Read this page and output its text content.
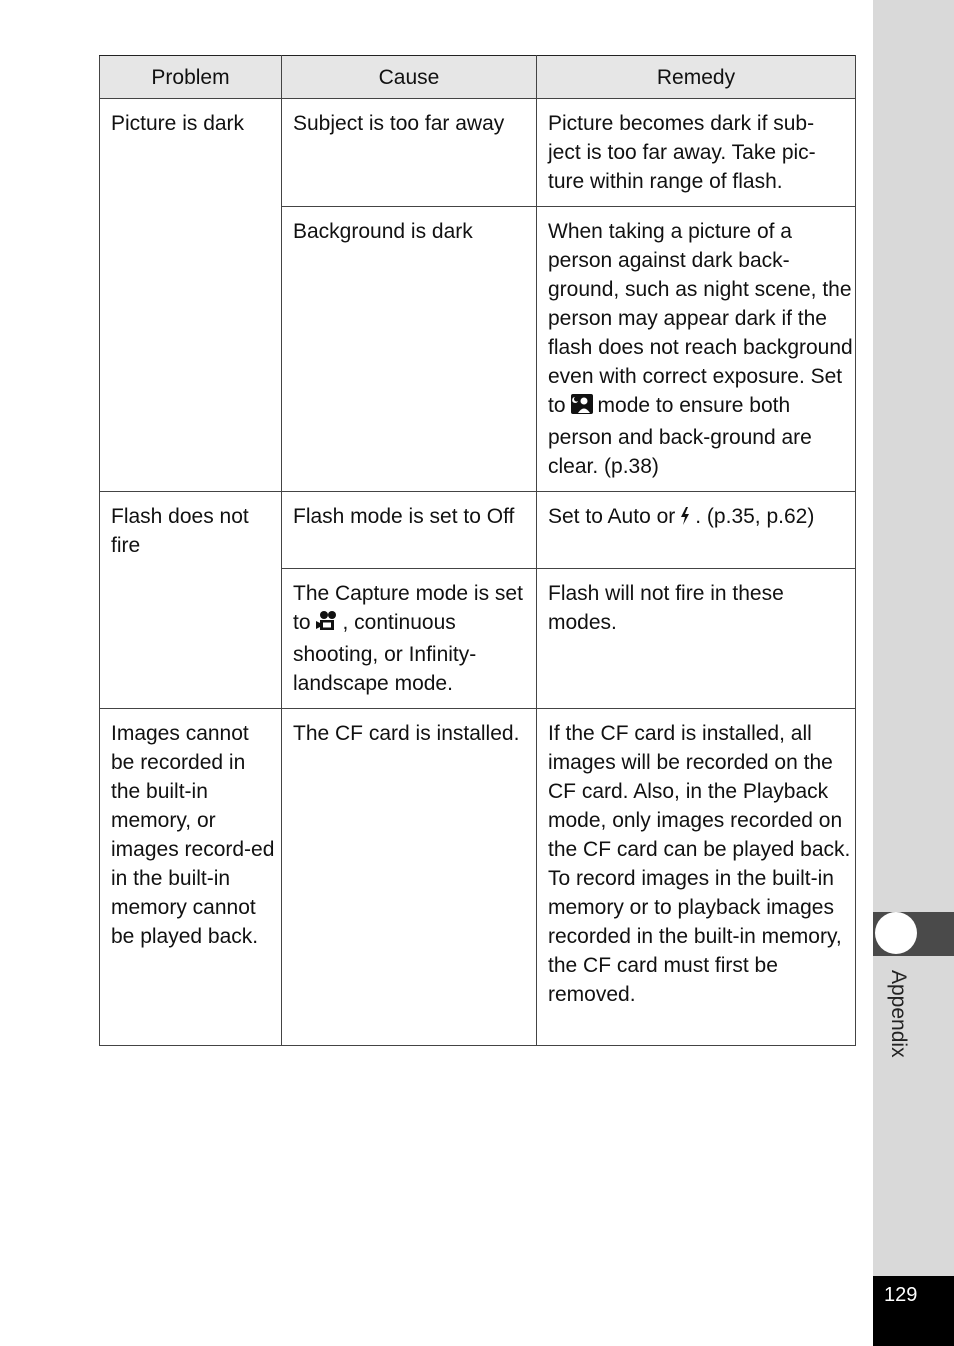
Appendix
129
Problem	Cause	Remedy
Picture is dark	Subject is too far away	Picture becomes dark if sub-ject is too far away. Take pic-ture within range of flash.
	Background is dark	When taking a picture of a person against dark back-ground, such as night scene, the person may appear dark if the flash does not reach background even with correct exposure. Set to mode to ensure both person and back-ground are clear. (p.38)
Flash does not fire	Flash mode is set to Off	Set to Auto or . (p.35, p.62)
	The Capture mode is set to , continuous shooting, or Infinity-landscape mode.	Flash will not fire in these modes.
Images cannot be recorded in the built-in memory, or images record-ed in the built-in memory cannot be played back.	The CF card is installed.	If the CF card is installed, all images will be recorded on the CF card. Also, in the Playback mode, only images recorded on the CF card can be played back.
To record images in the built-in memory or to playback images recorded in the built-in memory, the CF card must first be removed.
